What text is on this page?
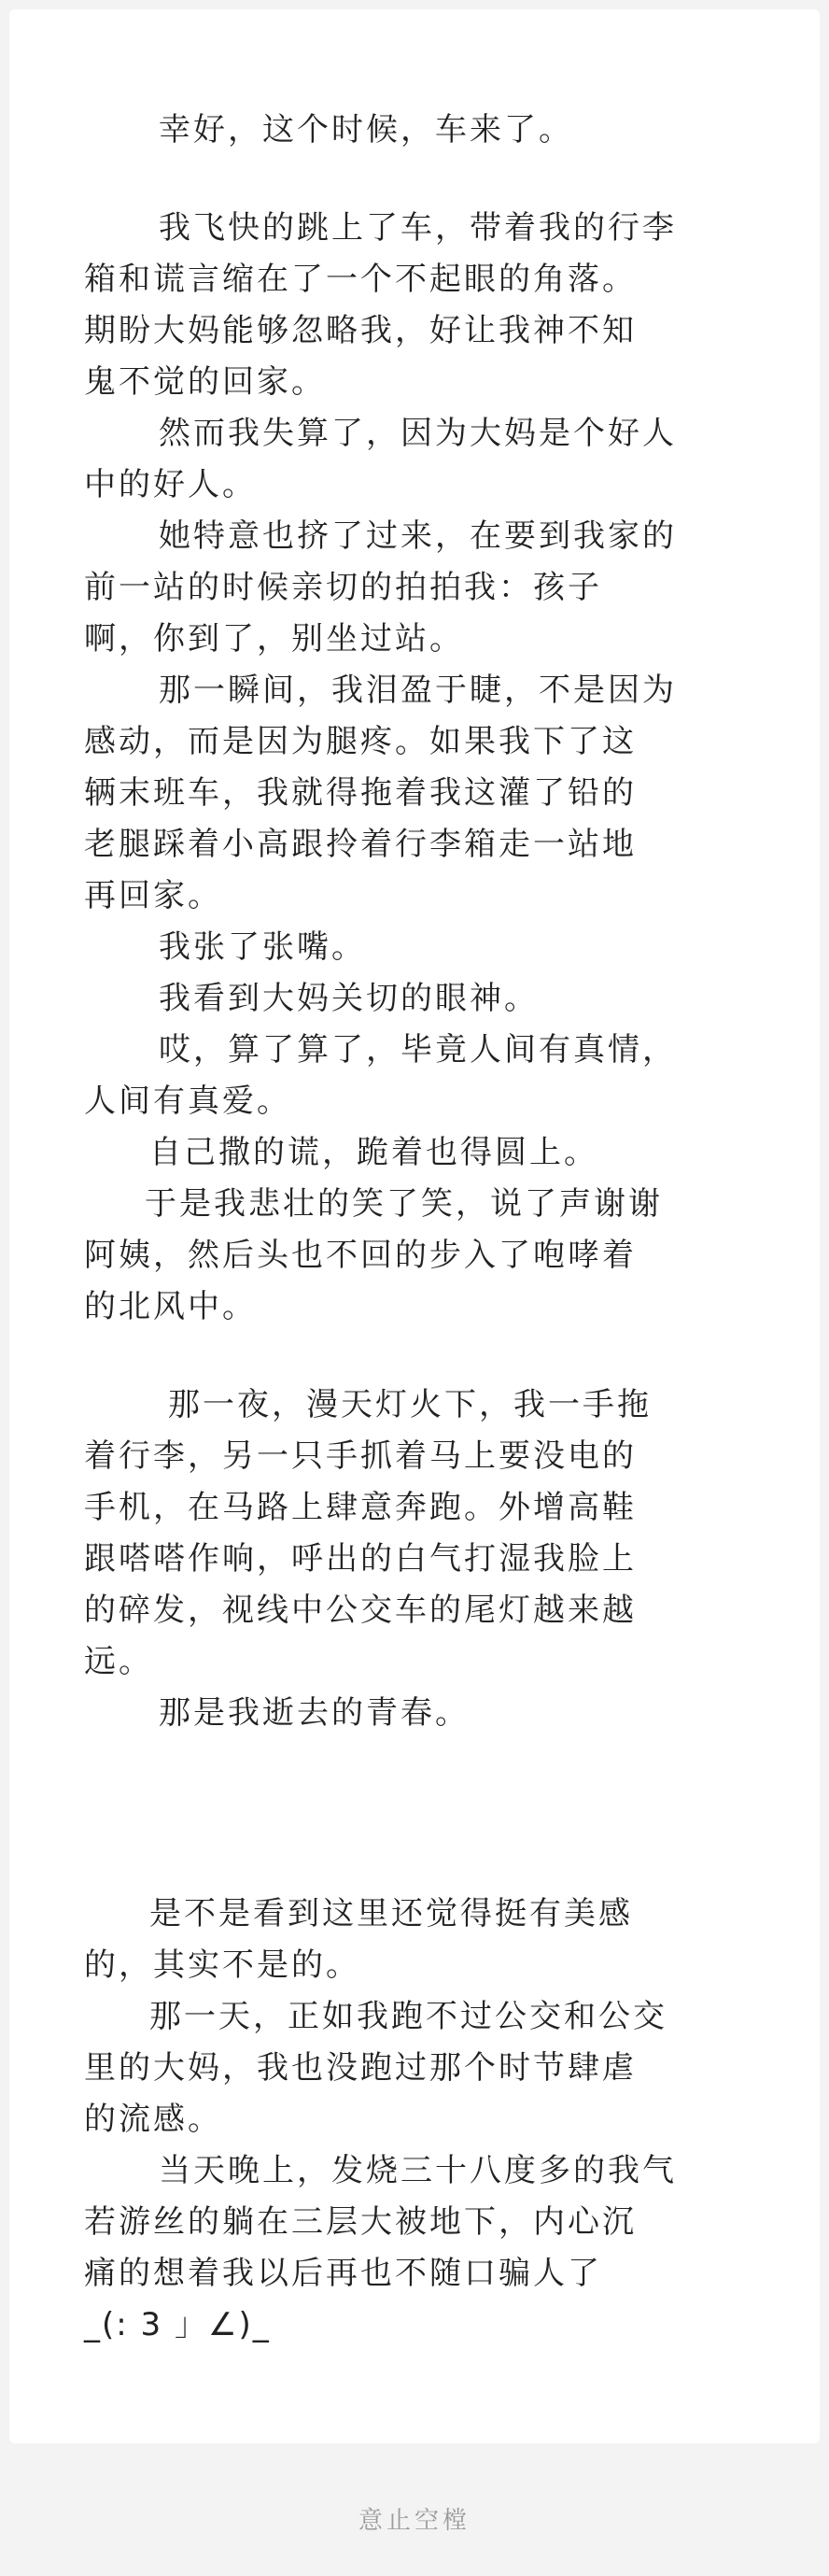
幸好，这个时候，车来了。
我飞快的跳上了车，带着我的行李
箱和谎言缩在了一个不起眼的角落。
期盼大妈能够忽略我，好让我神不知
鬼不觉的回家。
然而我失算了，因为大妈是个好人
中的好人。
她特意也挤了过来，在要到我家的
前一站的时候亲切的拍拍我：孩子
啊，你到了，别坐过站。
那一瞬间，我泪盈于睫，不是因为
感动，而是因为腿疼。如果我下了这
辆末班车，我就得拖着我这灌了铅的
老腿踩着小高跟拎着行李箱走一站地
再回家。
我张了张嘴。
我看到大妈关切的眼神。
哎，算了算了，毕竟人间有真情，
人间有真爱。
自己撒的谎，跪着也得圆上。
于是我悲壮的笑了笑，说了声谢谢
阿姨，然后头也不回的步入了咆哮着
的北风中。
那一夜，漫天灯火下，我一手拖
着行李，另一只手抓着马上要没电的
手机，在马路上肆意奔跑。外增高鞋
跟嗒嗒作响，呼出的白气打湿我脸上
的碎发，视线中公交车的尾灯越来越
远。
那是我逝去的青春。
是不是看到这里还觉得挺有美感
的，其实不是的。
那一天，正如我跑不过公交和公交
里的大妈，我也没跑过那个时节肆虐
的流感。
当天晚上，发烧三十八度多的我气
若游丝的躺在三层大被地下，内心沉
痛的想着我以后再也不随口骗人了
_(: 3 」∠)_
意止空樘
